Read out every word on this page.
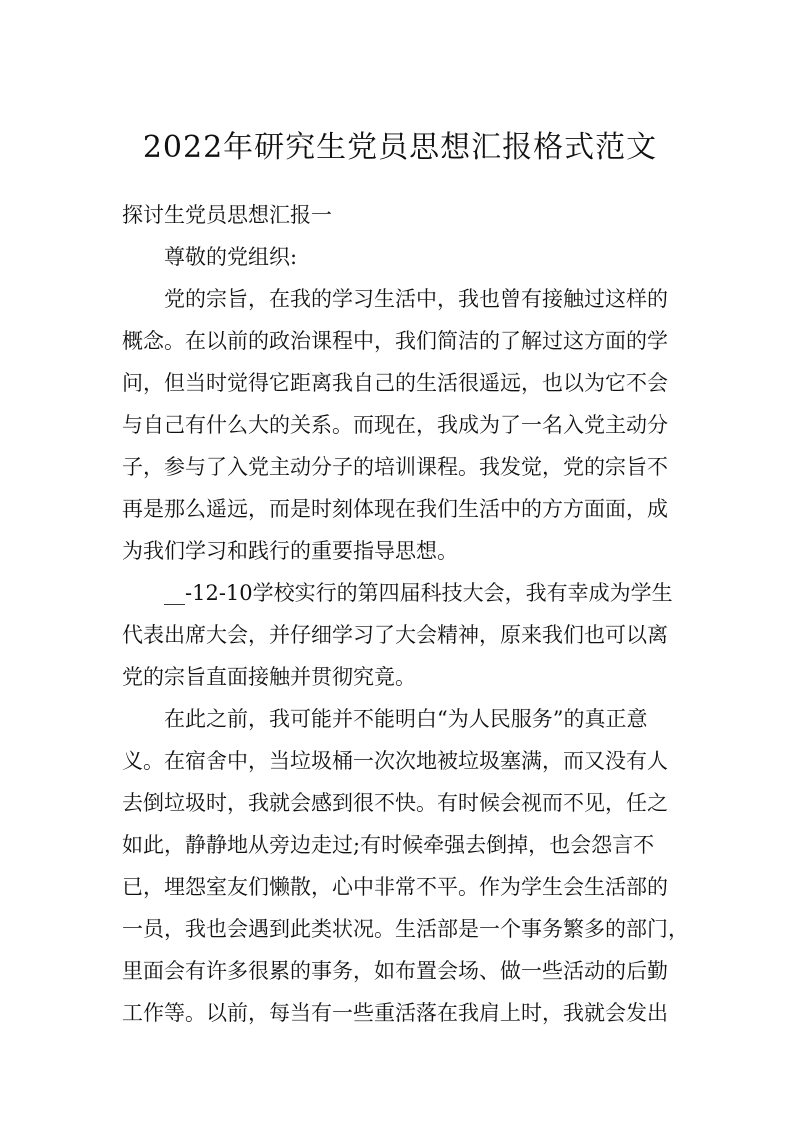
2022年研究生党员思想汇报格式范文
探讨生党员思想汇报一
尊敬的党组织:
党的宗旨，在我的学习生活中，我也曾有接触过这样的
概念。在以前的政治课程中，我们简洁的了解过这方面的学
问，但当时觉得它距离我自己的生活很遥远，也以为它不会
与自己有什么大的关系。而现在，我成为了一名入党主动分
子，参与了入党主动分子的培训课程。我发觉，党的宗旨不
再是那么遥远，而是时刻体现在我们生活中的方方面面，成
为我们学习和践行的重要指导思想。
__-12-10学校实行的第四届科技大会，我有幸成为学生
代表出席大会，并仔细学习了大会精神，原来我们也可以离
党的宗旨直面接触并贯彻究竟。
在此之前，我可能并不能明白“为人民服务”的真正意
义。在宿舍中，当垃圾桶一次次地被垃圾塞满，而又没有人
去倒垃圾时，我就会感到很不快。有时候会视而不见，任之
如此，静静地从旁边走过;有时候牵强去倒掉，也会怨言不
已，埋怨室友们懒散，心中非常不平。作为学生会生活部的
一员，我也会遇到此类状况。生活部是一个事务繁多的部门，
里面会有许多很累的事务，如布置会场、做一些活动的后勤
工作等。以前，每当有一些重活落在我肩上时，我就会发出
